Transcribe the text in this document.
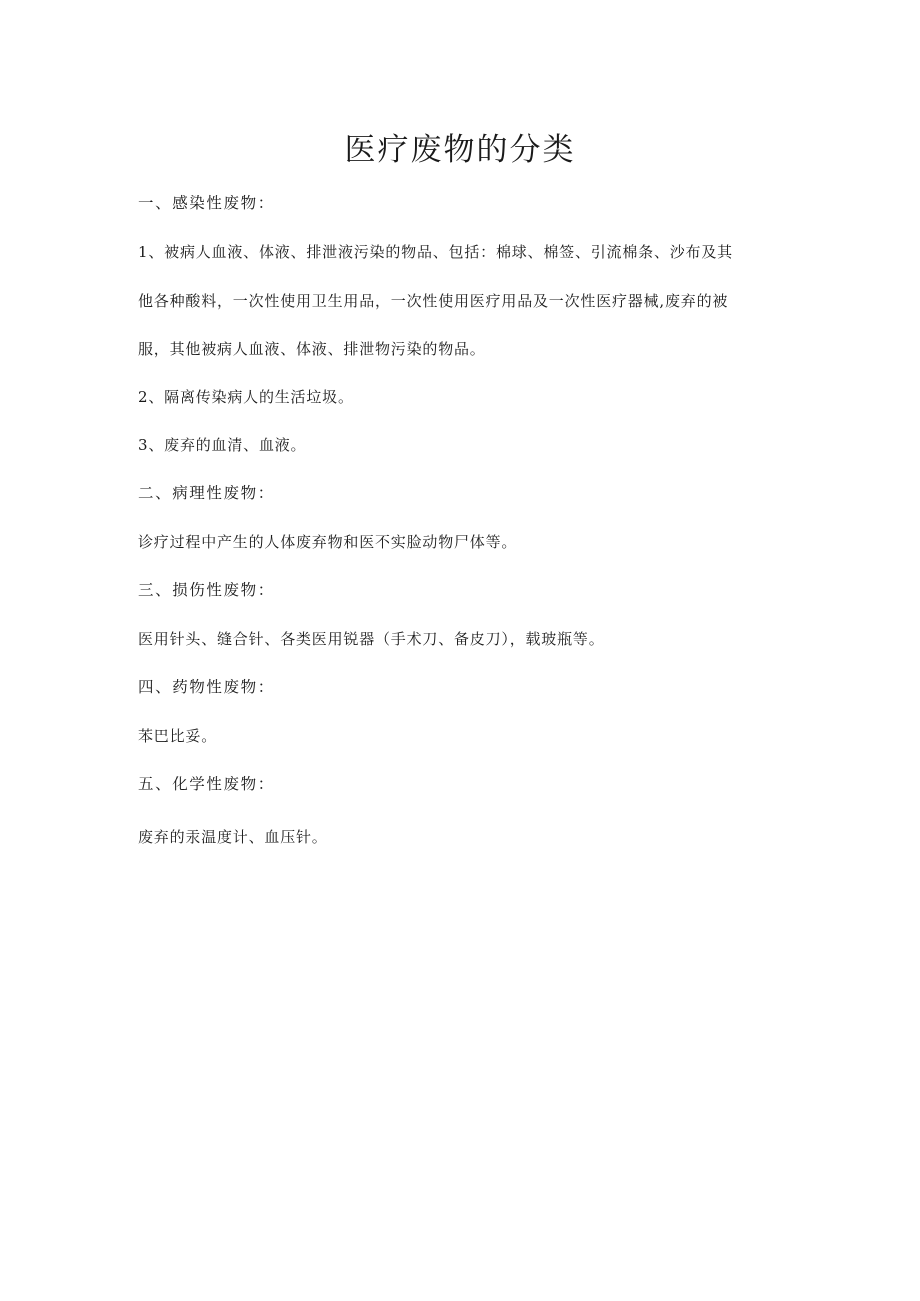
医疗废物的分类

一、感染性废物：

1、被病人血液、体液、排泄液污染的物品、包括：棉球、棉签、引流棉条、沙布及其

他各种酸料，一次性使用卫生用品，一次性使用医疗用品及一次性医疗器械,废弃的被

服，其他被病人血液、体液、排泄物污染的物品。

2、隔离传染病人的生活垃圾。

3、废弃的血清、血液。

二、病理性废物：

诊疗过程中产生的人体废弃物和医不实脸动物尸体等。

三、损伤性废物：

医用针头、缝合针、各类医用锐器（手术刀、备皮刀），载玻瓶等。

四、药物性废物：

苯巴比妥。

五、化学性废物：

废弃的汞温度计、血压针。
